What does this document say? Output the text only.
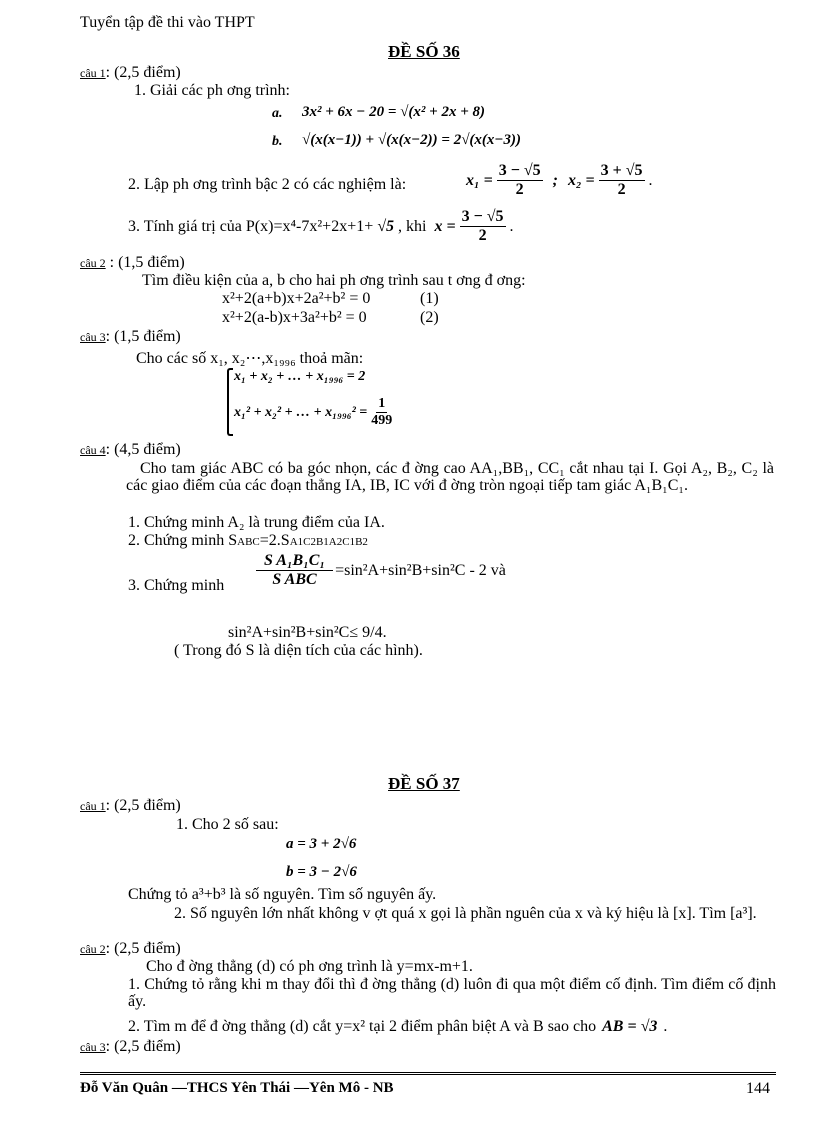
Tuyển tập đề thi vào THPT
ĐỀ SỐ 36
câu 1: (2,5 điểm)
1. Giải các ph ơng trình:
a. 3x² + 6x − 20 = √(x² + 2x + 8)
b. √(x(x−1)) + √(x(x−2)) = 2√(x(x−3))
2. Lập ph ơng trình bậc 2 có các nghiệm là:	$x_1 = \frac{3 - √5}{2}$ ; $x_2 = \frac{3 + √5}{2}$ .
3. Tính giá trị của P(x)=x⁴-7x²+2x+1+ √5 , khi $x = \frac{3 - √5}{2}$ .
câu 2 : (1,5 điểm)
Tìm điều kiện của a, b cho hai ph ơng trình sau t ơng đ ơng:
x²+2(a+b)x+2a²+b² = 0	(1)
x²+2(a-b)x+3a²+b² = 0	(2)
câu 3: (1,5 điểm)
Cho các số x₁, x₂⋯,x₁₉₉₆ thoả mãn:
x₁ + x₂ + … + x₁₉₉₆ = 2
x₁² + x₂² + … + $x_{1996}^2 = \frac{1}{499}$
câu 4: (4,5 điểm)

Cho tam giác ABC có ba góc nhọn, các đ ờng cao AA₁,BB₁, CC₁ cắt nhau tại I. Gọi A₂, B₂, C₂ là các giao điểm của các đoạn thẳng IA, IB, IC với đ ờng tròn ngoại tiếp tam giác A₁B₁C₁.

1. Chứng minh A₂ là trung điểm của IA.
2. Chứng minh SABC=2.SA1C2B1A2C1B2
3. Chứng minh $\frac{\text{S A₁B₁C₁}}{\text{S ABC}} =\sin^2A+\sin^2B+\sin^2C - 2$ và
sin²A+sin²B+sin²C≤ 9/4.
( Trong đó S là diện tích của các hình).
ĐỀ SỐ 37
câu 1: (2,5 điểm)
1. Cho 2 số sau:
a = 3 + 2√6
b = 3 − 2√6
Chứng tỏ a³+b³ là số nguyên. Tìm số nguyên ấy.

2. Số nguyên lớn nhất không v ợt quá x gọi là phần nguên của x và ký hiệu là [x]. Tìm [a³].

câu 2: (2,5 điểm)
Cho đ ờng thẳng (d) có ph ơng trình là y=mx-m+1.

1. Chứng tỏ rằng khi m thay đổi thì đ ờng thẳng (d) luôn đi qua một điểm cố định. Tìm điểm cố định ấy.

2. Tìm m để đ ờng thẳng (d) cắt y=x² tại 2 điểm phân biệt A và B sao cho AB = √3 .
câu 3: (2,5 điểm)
Đỗ Văn Quân —THCS Yên Thái —Yên Mô - NB	144
